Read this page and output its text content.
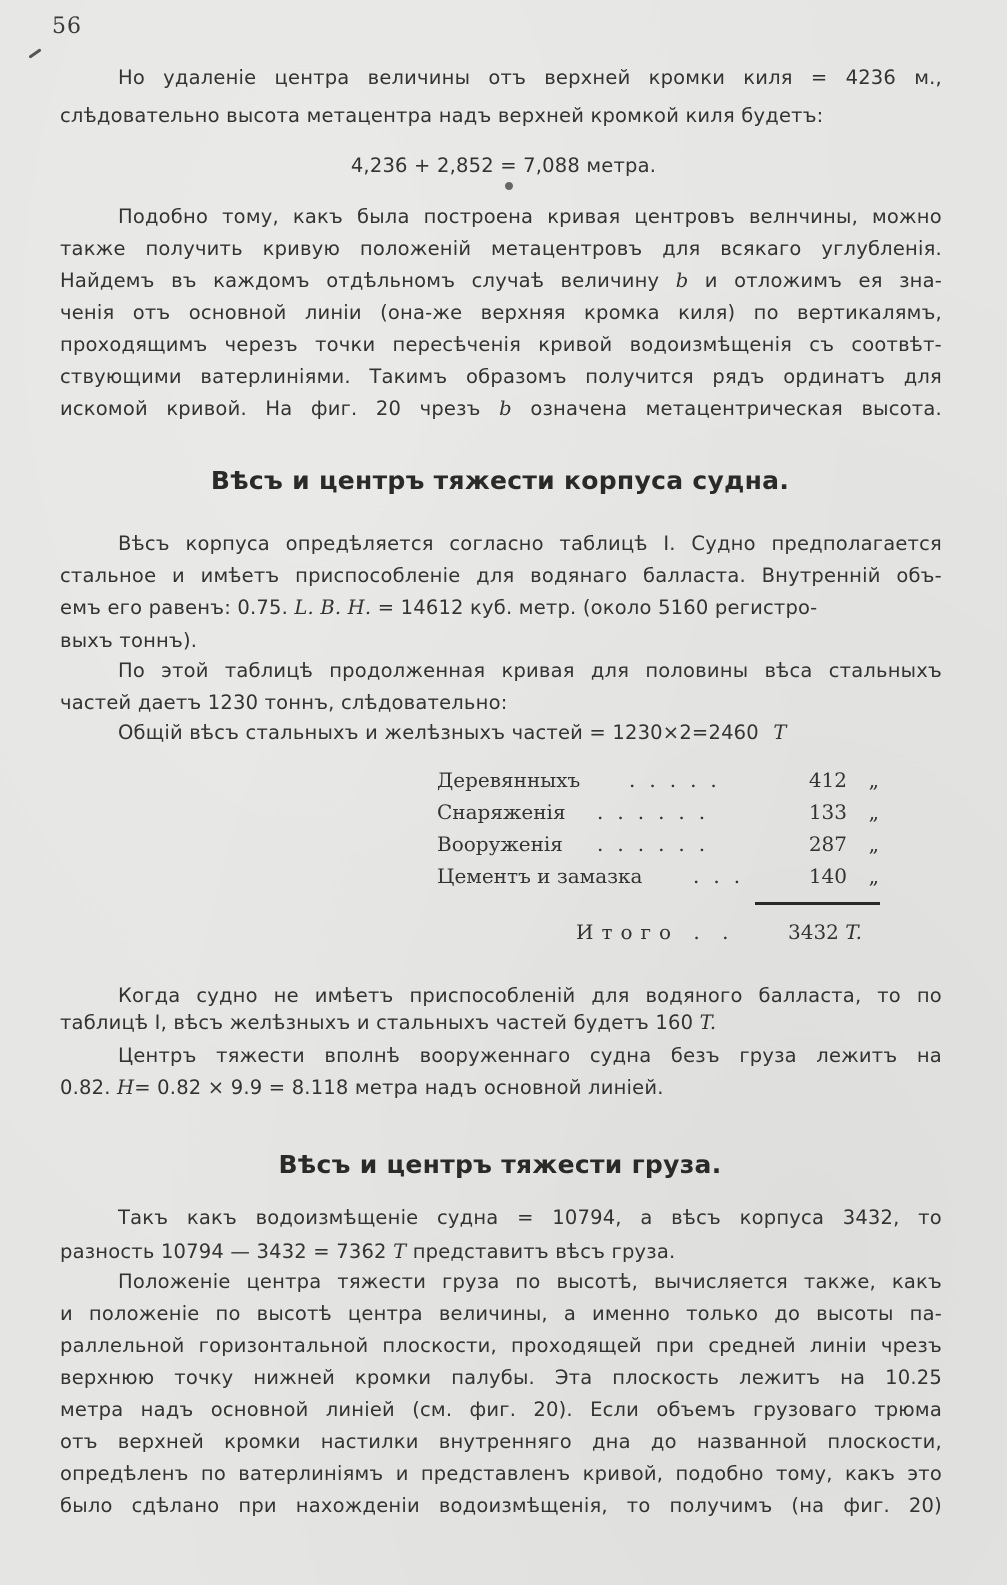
56
Но удаленіе центра величины отъ верхней кромки киля = 4236 м.,
слѣдовательно высота метацентра надъ верхней кромкой киля будетъ:
4,236 + 2,852 = 7,088 метра.
Подобно тому, какъ была построена кривая центровъ велнчины, можно
также получить кривую положеній метацентровъ для всякаго углубленія.
Найдемъ въ каждомъ отдѣльномъ случаѣ величину b и отложимъ ея зна-
ченія отъ основной линіи (она-же верхняя кромка киля) по вертикалямъ,
проходящимъ черезъ точки пересѣченія кривой водоизмѣщенія съ соотвѣт-
ствующими ватерлиніями. Такимъ образомъ получится рядъ ординатъ для
искомой кривой. На фиг. 20 чрезъ b означена метацентрическая высота.
Вѣсъ и центръ тяжести корпуса судна.
Вѣсъ корпуса опредѣляется согласно таблицѣ I. Судно предполагается
стальное и имѣетъ приспособленіе для водянаго балласта. Внутренній объ-
емъ его равенъ: 0.75. L. B. H. = 14612 куб. метр. (около 5160 регистро-
выхъ тоннъ).
По этой таблицѣ продолженная кривая для половины вѣса стальныхъ
частей даетъ 1230 тоннъ, слѣдовательно:
Общій вѣсъ стальныхъ и желѣзныхъ частей = 1230×2=2460 T
Деревянныхъ .....	412 „
Снаряженія ......	133 „
Вооруженія ......	287 „
Цементъ и замазка	...	140 „
Итого . .	3432 T.
Когда судно не имѣетъ приспособленій для водяного балласта, то по
таблицѣ I, вѣсъ желѣзныхъ и стальныхъ частей будетъ 160 T.
Центръ тяжести вполнѣ вооруженнаго судна безъ груза лежитъ на
0.82. H= 0.82 × 9.9 = 8.118 метра надъ основной линіей.
Вѣсъ и центръ тяжести груза.
Такъ какъ водоизмѣщеніе судна = 10794, а вѣсъ корпуса 3432, то
разность 10794 — 3432 = 7362 T представитъ вѣсъ груза.
Положеніе центра тяжести груза по высотѣ, вычисляется также, какъ
и положеніе по высотѣ центра величины, а именно только до высоты па-
раллельной горизонтальной плоскости, проходящей при средней линіи чрезъ
верхнюю точку нижней кромки палубы. Эта плоскость лежитъ на 10.25
метра надъ основной линіей (см. фиг. 20). Если объемъ грузоваго трюма
отъ верхней кромки настилки внутренняго дна до названной плоскости,
опредѣленъ по ватерлиніямъ и представленъ кривой, подобно тому, какъ это
было сдѣлано при нахожденіи водоизмѣщенія, то получимъ (на фиг. 20)
